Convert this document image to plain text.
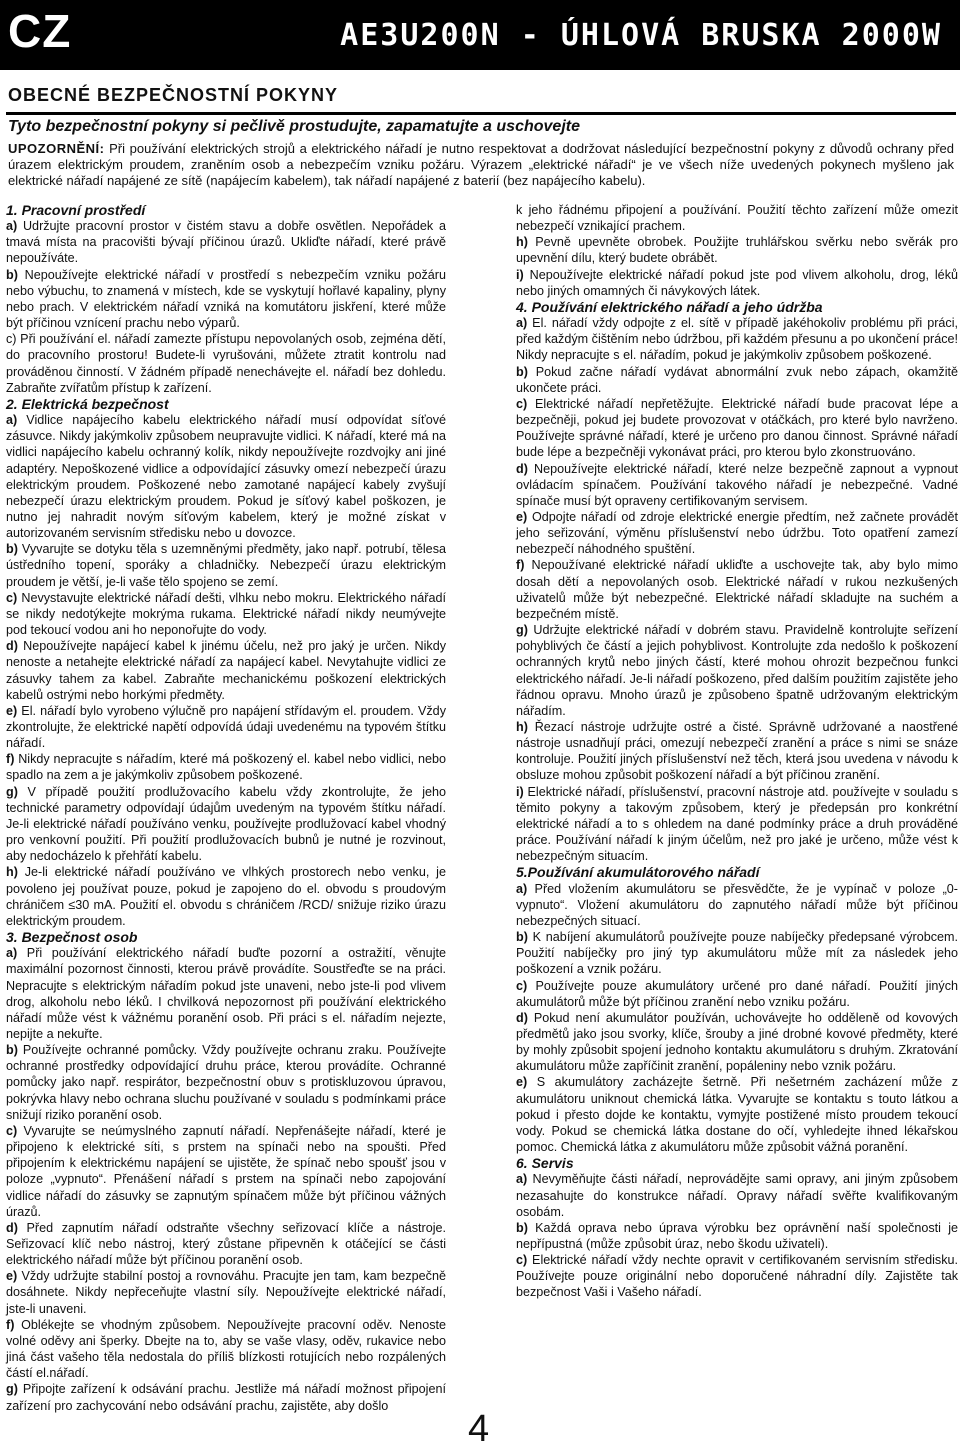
CZ	AE3U200N - ÚHLOVÁ BRUSKA 2000W
OBECNÉ BEZPEČNOSTNÍ POKYNY
Tyto bezpečnostní pokyny si pečlivě prostudujte, zapamatujte a uschovejte
UPOZORNĚNÍ: Při používání elektrických strojů a elektrického nářadí je nutno respektovat a dodržovat následující bezpečnostní pokyny z důvodů ochrany před úrazem elektrickým proudem, zraněním osob a nebezpečím vzniku požáru. Výrazem „elektrické nářadí“ je ve všech níže uvedených pokynech myšleno jak elektrické nářadí napájené ze sítě (napájecím kabelem), tak nářadí napájené z baterií (bez napájecího kabelu).

1. Pracovní prostředí

a) Udržujte pracovní prostor v čistém stavu a dobře osvětlen. Nepořádek a tmavá místa na pracovišti bývají příčinou úrazů. Ukliďte nářadí, které právě nepoužíváte.

b) Nepoužívejte elektrické nářadí v prostředí s nebezpečím vzniku požáru nebo výbuchu, to znamená v místech, kde se vyskytují hořlavé kapaliny, plyny nebo prach. V elektrickém nářadí vzniká na komutátoru jiskření, které může být příčinou vznícení prachu nebo výparů.

c) Při používání el. nářadí zamezte přístupu nepovolaných osob, zejména dětí, do pracovního prostoru! Budete-li vyrušováni, můžete ztratit kontrolu nad prováděnou činností. V žádném případě nenechávejte el. nářadí bez dohledu. Zabraňte zvířatům přístup k zařízení.

2. Elektrická bezpečnost

a) Vidlice napájecího kabelu elektrického nářadí musí odpovídat síťové zásuvce. Nikdy jakýmkoliv způsobem neupravujte vidlici. K nářadí, které má na vidlici napájecího kabelu ochranný kolík, nikdy nepoužívejte rozdvojky ani jiné adaptéry. Nepoškozené vidlice a odpovídající zásuvky omezí nebezpečí úrazu elektrickým proudem. Poškozené nebo zamotané napájecí kabely zvyšují nebezpečí úrazu elektrickým proudem. Pokud je síťový kabel poškozen, je nutno jej nahradit novým síťovým kabelem, který je možné získat v autorizovaném servisním středisku nebo u dovozce.

b) Vyvarujte se dotyku těla s uzemněnými předměty, jako např. potrubí, tělesa ústředního topení, sporáky a chladničky. Nebezpečí úrazu elektrickým proudem je větší, je-li vaše tělo spojeno se zemí.

c) Nevystavujte elektrické nářadí dešti, vlhku nebo mokru. Elektrického nářadí se nikdy nedotýkejte mokrýma rukama. Elektrické nářadí nikdy neumývejte pod tekoucí vodou ani ho neponořujte do vody.

d) Nepoužívejte napájecí kabel k jinému účelu, než pro jaký je určen. Nikdy nenoste a netahejte elektrické nářadí za napájecí kabel. Nevytahujte vidlici ze zásuvky tahem za kabel. Zabraňte mechanickému poškození elektrických kabelů ostrými nebo horkými předměty.

e) El. nářadí bylo vyrobeno výlučně pro napájení střídavým el. proudem. Vždy zkontrolujte, že elektrické napětí odpovídá údaji uvedenému na typovém štítku nářadí.

f) Nikdy nepracujte s nářadím, které má poškozený el. kabel nebo vidlici, nebo spadlo na zem a je jakýmkoliv způsobem poškozené.

g) V případě použití prodlužovacího kabelu vždy zkontrolujte, že jeho technické parametry odpovídají údajům uvedeným na typovém štítku nářadí. Je-li elektrické nářadí používáno venku, používejte prodlužovací kabel vhodný pro venkovní použití. Při použití prodlužovacích bubnů je nutné je rozvinout, aby nedocházelo k přehřátí kabelu.

h) Je-li elektrické nářadí používáno ve vlhkých prostorech nebo venku, je povoleno jej používat pouze, pokud je zapojeno do el. obvodu s proudovým chráničem ≤30 mA. Použití el. obvodu s chráničem /RCD/ snižuje riziko úrazu elektrickým proudem.

3. Bezpečnost osob

a) Při používání elektrického nářadí buďte pozorní a ostražití, věnujte maximální pozornost činnosti, kterou právě provádíte. Soustřeďte se na práci. Nepracujte s elektrickým nářadím pokud jste unaveni, nebo jste-li pod vlivem drog, alkoholu nebo léků. I chvilková nepozornost při používání elektrického nářadí může vést k vážnému poranění osob. Při práci s el. nářadím nejezte, nepijte a nekuřte.

b) Používejte ochranné pomůcky. Vždy používejte ochranu zraku. Používejte ochranné prostředky odpovídající druhu práce, kterou provádíte. Ochranné pomůcky jako např. respirátor, bezpečnostní obuv s protiskluzovou úpravou, pokrývka hlavy nebo ochrana sluchu používané v souladu s podmínkami práce snižují riziko poranění osob.

c) Vyvarujte se neúmyslného zapnutí nářadí. Nepřenášejte nářadí, které je připojeno k elektrické síti, s prstem na spínači nebo na spoušti. Před připojením k elektrickému napájení se ujistěte, že spínač nebo spoušť jsou v poloze „vypnuto“. Přenášení nářadí s prstem na spínači nebo zapojování vidlice nářadí do zásuvky se zapnutým spínačem může být příčinou vážných úrazů.

d) Před zapnutím nářadí odstraňte všechny seřizovací klíče a nástroje. Seřizovací klíč nebo nástroj, který zůstane připevněn k otáčející se části elektrického nářadí může být příčinou poranění osob.

e) Vždy udržujte stabilní postoj a rovnováhu. Pracujte jen tam, kam bezpečně dosáhnete. Nikdy nepřeceňujte vlastní síly. Nepoužívejte elektrické nářadí, jste-li unaveni.

f) Oblékejte se vhodným způsobem. Nepoužívejte pracovní oděv. Nenoste volné oděvy ani šperky. Dbejte na to, aby se vaše vlasy, oděv, rukavice nebo jiná část vašeho těla nedostala do příliš blízkosti rotujících nebo rozpálených částí el.nářadí.

g) Připojte zařízení k odsávání prachu. Jestliže má nářadí možnost připojení zařízení pro zachycování nebo odsávání prachu, zajistěte, aby došlo

k jeho řádnému připojení a používání. Použití těchto zařízení může omezit nebezpečí vznikající prachem.

h) Pevně upevněte obrobek. Použijte truhlářskou svěrku nebo svěrák pro upevnění dílu, který budete obrábět.

i) Nepoužívejte elektrické nářadí pokud jste pod vlivem alkoholu, drog, léků nebo jiných omamných či návykových látek.

4. Používání elektrického nářadí a jeho údržba

a) El. nářadí vždy odpojte z el. sítě v případě jakéhokoliv problému při práci, před každým čištěním nebo údržbou, při každém přesunu a po ukončení práce! Nikdy nepracujte s el. nářadím, pokud je jakýmkoliv způsobem poškozené.

b) Pokud začne nářadí vydávat abnormální zvuk nebo zápach, okamžitě ukončete práci.

c) Elektrické nářadí nepřetěžujte. Elektrické nářadí bude pracovat lépe a bezpečněji, pokud jej budete provozovat v otáčkách, pro které bylo navrženo. Používejte správné nářadí, které je určeno pro danou činnost. Správné nářadí bude lépe a bezpečněji vykonávat práci, pro kterou bylo zkonstruováno.

d) Nepoužívejte elektrické nářadí, které nelze bezpečně zapnout a vypnout ovládacím spínačem. Používání takového nářadí je nebezpečné. Vadné spínače musí být opraveny certifikovaným servisem.

e) Odpojte nářadí od zdroje elektrické energie předtím, než začnete provádět jeho seřizování, výměnu příslušenství nebo údržbu. Toto opatření zamezí nebezpečí náhodného spuštění.

f) Nepoužívané elektrické nářadí ukliďte a uschovejte tak, aby bylo mimo dosah dětí a nepovolaných osob. Elektrické nářadí v rukou nezkušených uživatelů může být nebezpečné. Elektrické nářadí skladujte na suchém a bezpečném místě.

g) Udržujte elektrické nářadí v dobrém stavu. Pravidelně kontrolujte seřízení pohyblivých če částí a jejich pohyblivost. Kontrolujte zda nedošlo k poškození ochranných krytů nebo jiných částí, které mohou ohrozit bezpečnou funkci elektrického nářadí. Je-li nářadí poškozeno, před dalším použitím zajistěte jeho řádnou opravu. Mnoho úrazů je způsobeno špatně udržovaným elektrickým nářadím.

h) Řezací nástroje udržujte ostré a čisté. Správně udržované a naostřené nástroje usnadňují práci, omezují nebezpečí zranění a práce s nimi se snáze kontroluje. Použití jiných příslušenství než těch, která jsou uvedena v návodu k obsluze mohou způsobit poškození nářadí a být příčinou zranění.

i) Elektrické nářadí, příslušenství, pracovní nástroje atd. používejte v souladu s těmito pokyny a takovým způsobem, který je předepsán pro konkrétní elektrické nářadí a to s ohledem na dané podmínky práce a druh prováděné práce. Používání nářadí k jiným účelům, než pro jaké je určeno, může vést k nebezpečným situacím.

5.Používání akumulátorového nářadí

a) Před vložením akumulátoru se přesvědčte, že je vypínač v poloze „0-vypnuto“. Vložení akumulátoru do zapnutého nářadí může být příčinou nebezpečných situací.

b) K nabíjení akumulátorů používejte pouze nabíječky předepsané výrobcem. Použití nabíječky pro jiný typ akumulátoru může mít za následek jeho poškození a vznik požáru.

c) Používejte pouze akumulátory určené pro dané nářadí. Použití jiných akumulátorů může být příčinou zranění nebo vzniku požáru.

d) Pokud není akumulátor používán, uchovávejte ho odděleně od kovových předmětů jako jsou svorky, klíče, šrouby a jiné drobné kovové předměty, které by mohly způsobit spojení jednoho kontaktu akumulátoru s druhým. Zkratování akumulátoru může zapříčinit zranění, popáleniny nebo vznik požáru.

e) S akumulátory zacházejte šetrně. Při nešetrném zacházení může z akumulátoru uniknout chemická látka. Vyvarujte se kontaktu s touto látkou a pokud i přesto dojde ke kontaktu, vymyjte postižené místo proudem tekoucí vody. Pokud se chemická látka dostane do očí, vyhledejte ihned lékařskou pomoc. Chemická látka z akumulátoru může způsobit vážná poranění.

6. Servis

a) Nevyměňujte části nářadí, neprovádějte sami opravy, ani jiným způsobem nezasahujte do konstrukce nářadí. Opravy nářadí svěřte kvalifikovaným osobám.

b) Každá oprava nebo úprava výrobku bez oprávnění naší společnosti je nepřípustná (může způsobit úraz, nebo škodu uživateli).

c) Elektrické nářadí vždy nechte opravit v certifikovaném servisním středisku. Používejte pouze originální nebo doporučené náhradní díly. Zajistěte tak bezpečnost Vaši i Vašeho nářadí.

4
